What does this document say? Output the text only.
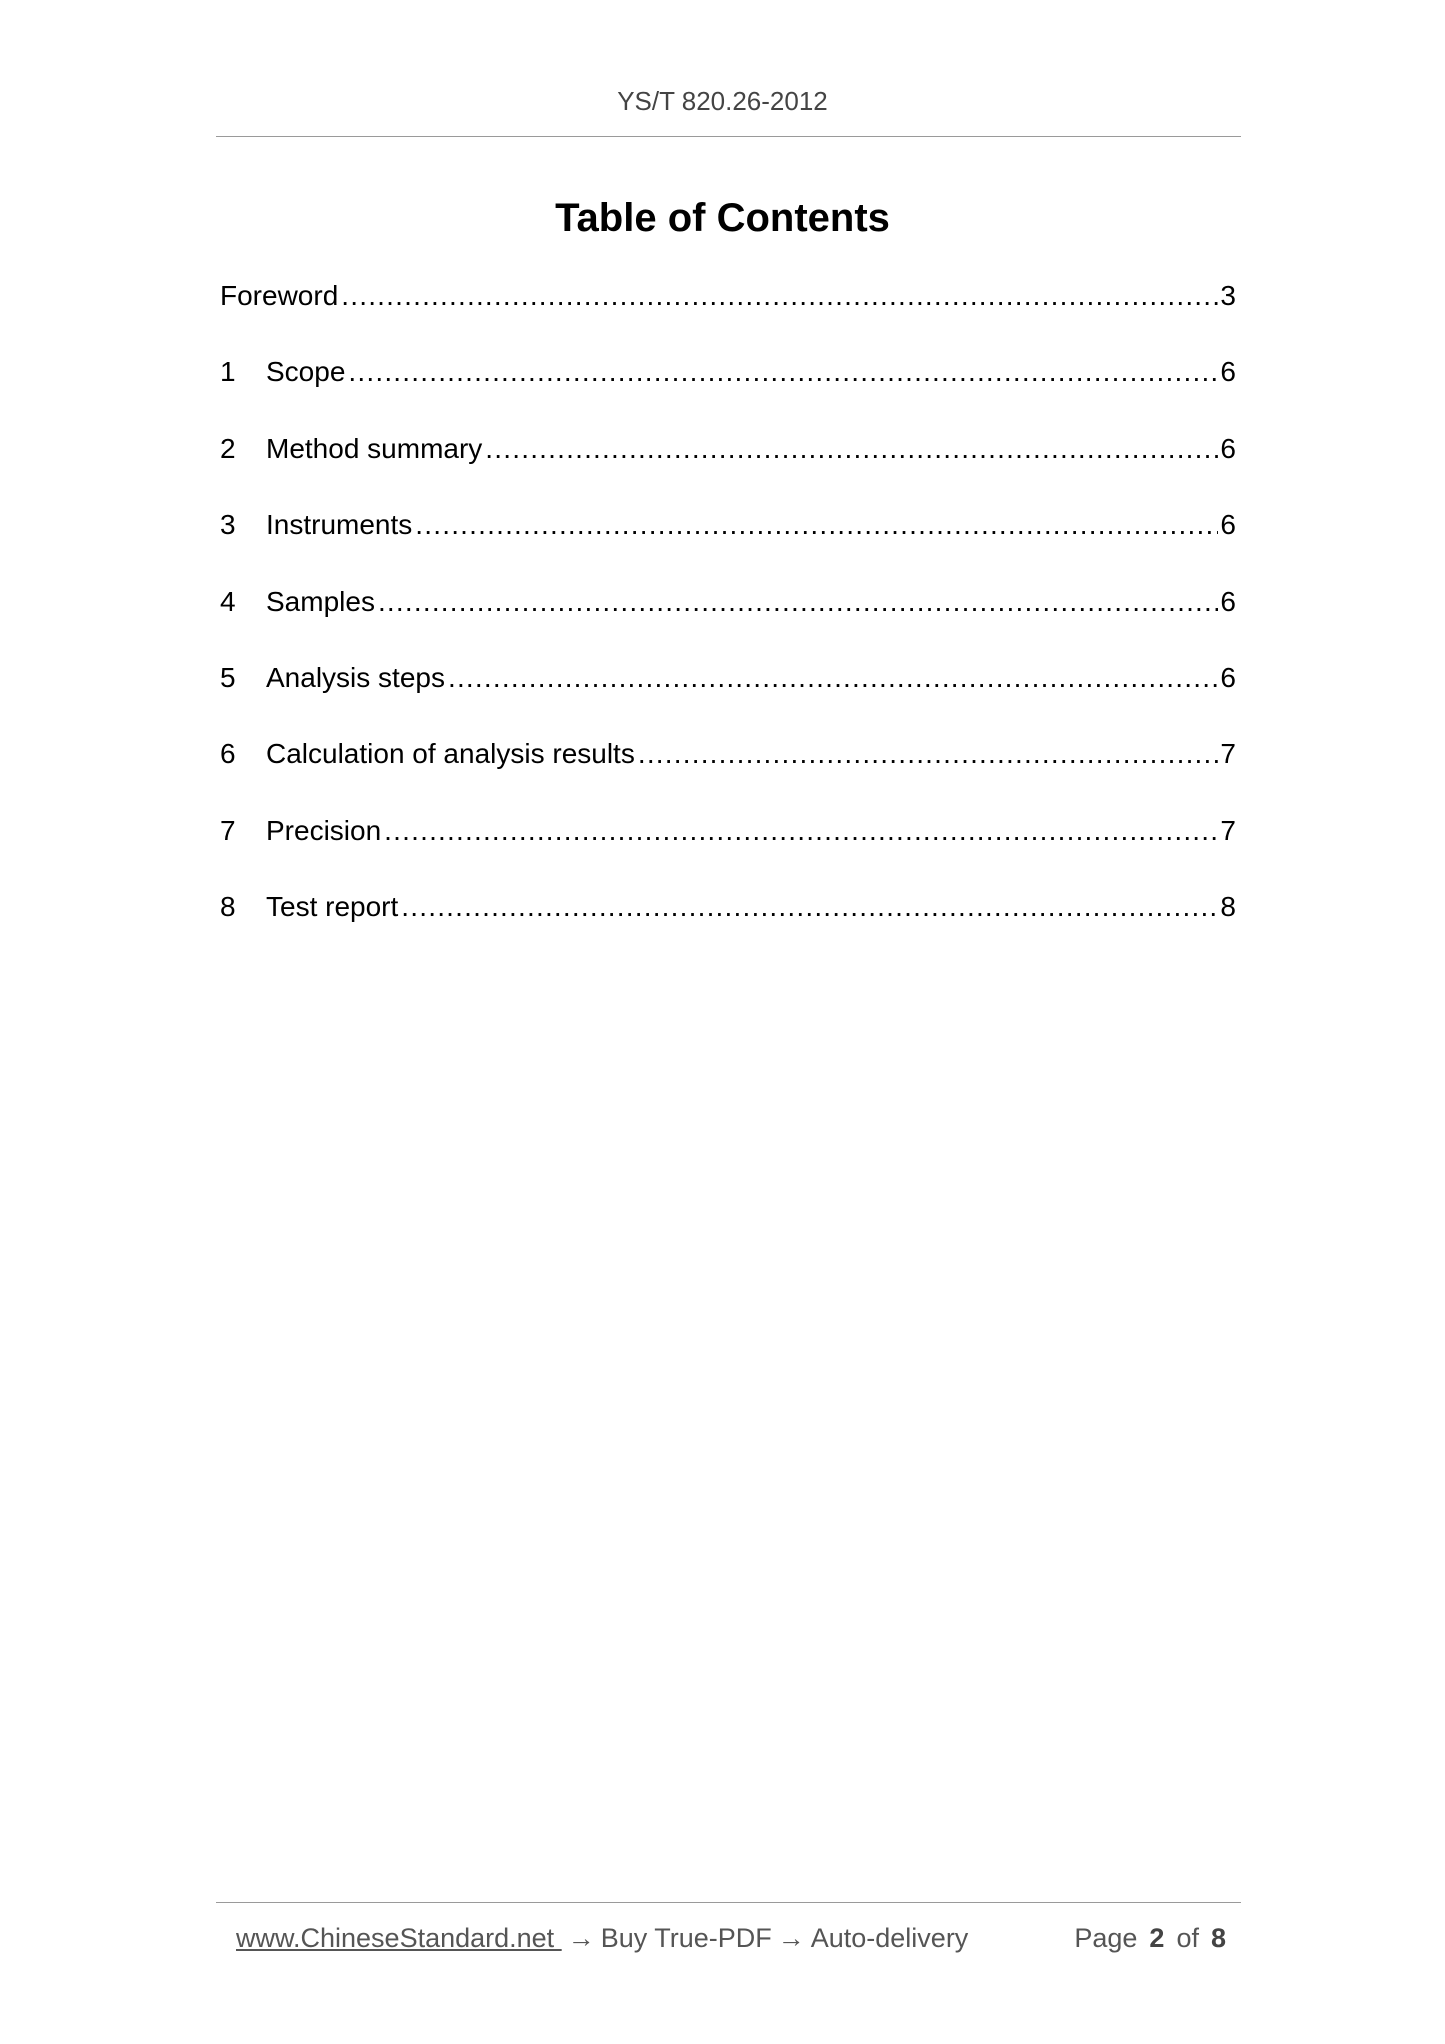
YS/T 820.26-2012
Table of Contents
Foreword .....	3
1	Scope .....	6
2	Method summary .....	6
3	Instruments .....	6
4	Samples .....	6
5	Analysis steps .....	6
6	Calculation of analysis results .....	7
7	Precision .....	7
8	Test report .....	8
www.ChineseStandard.net → Buy True-PDF → Auto-delivery	Page 2 of 8
